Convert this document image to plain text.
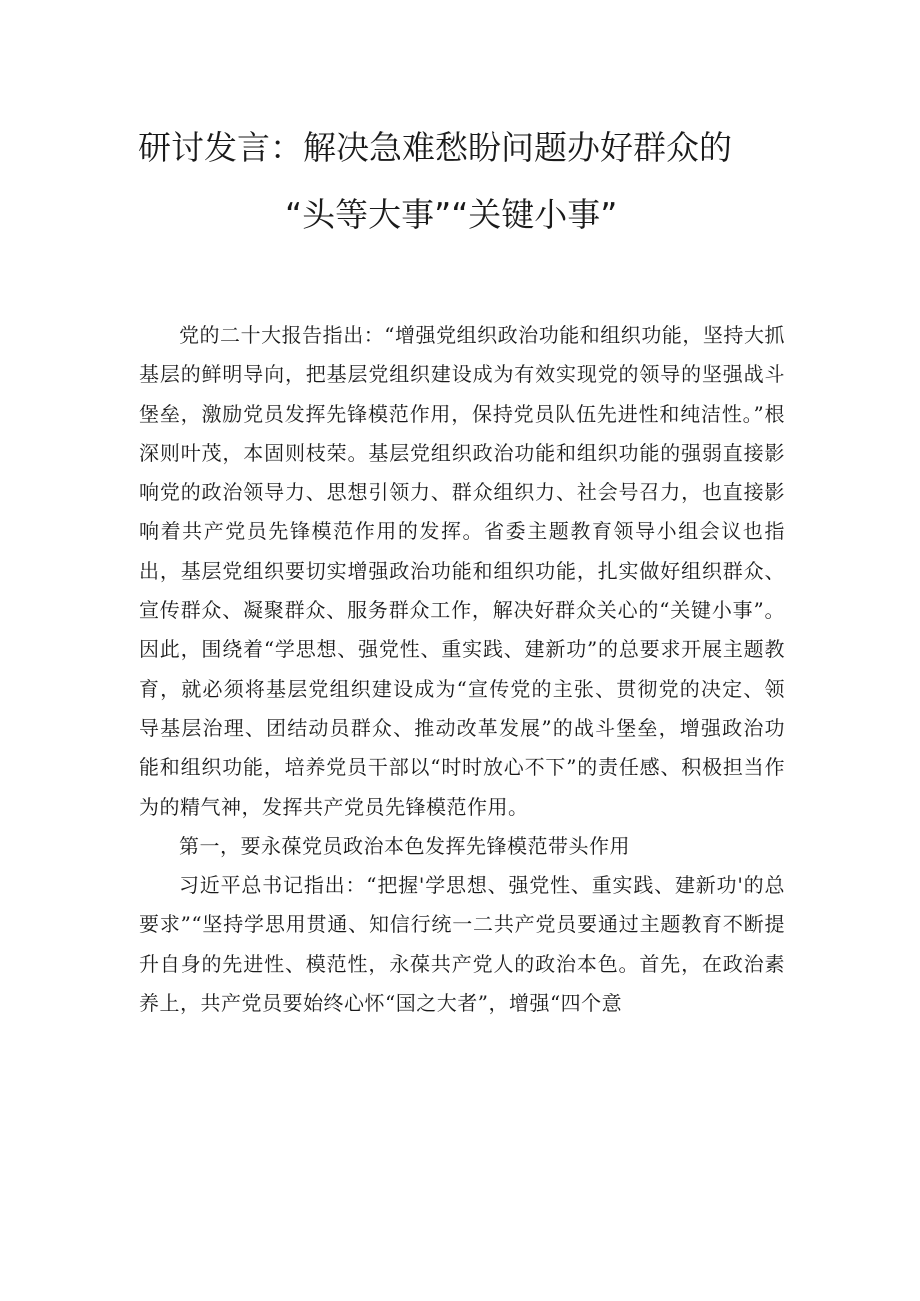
研讨发言：解决急难愁盼问题办好群众的
“头等大事”“关键小事”

党的二十大报告指出：“增强党组织政治功能和组织功能，坚持大抓基层的鲜明导向，把基层党组织建设成为有效实现党的领导的坚强战斗堡垒，激励党员发挥先锋模范作用，保持党员队伍先进性和纯洁性。”根深则叶茂，本固则枝荣。基层党组织政治功能和组织功能的强弱直接影响党的政治领导力、思想引领力、群众组织力、社会号召力，也直接影响着共产党员先锋模范作用的发挥。省委主题教育领导小组会议也指出，基层党组织要切实增强政治功能和组织功能，扎实做好组织群众、宣传群众、凝聚群众、服务群众工作，解决好群众关心的“关键小事”。因此，围绕着“学思想、强党性、重实践、建新功”的总要求开展主题教育，就必须将基层党组织建设成为“宣传党的主张、贯彻党的决定、领导基层治理、团结动员群众、推动改革发展”的战斗堡垒，增强政治功能和组织功能，培养党员干部以“时时放心不下”的责任感、积极担当作为的精气神，发挥共产党员先锋模范作用。

第一，要永葆党员政治本色发挥先锋模范带头作用

习近平总书记指出：“把握'学思想、强党性、重实践、建新功'的总要求”“坚持学思用贯通、知信行统一二共产党员要通过主题教育不断提升自身的先进性、模范性，永葆共产党人的政治本色。首先，在政治素养上，共产党员要始终心怀“国之大者”，增强“四个意
